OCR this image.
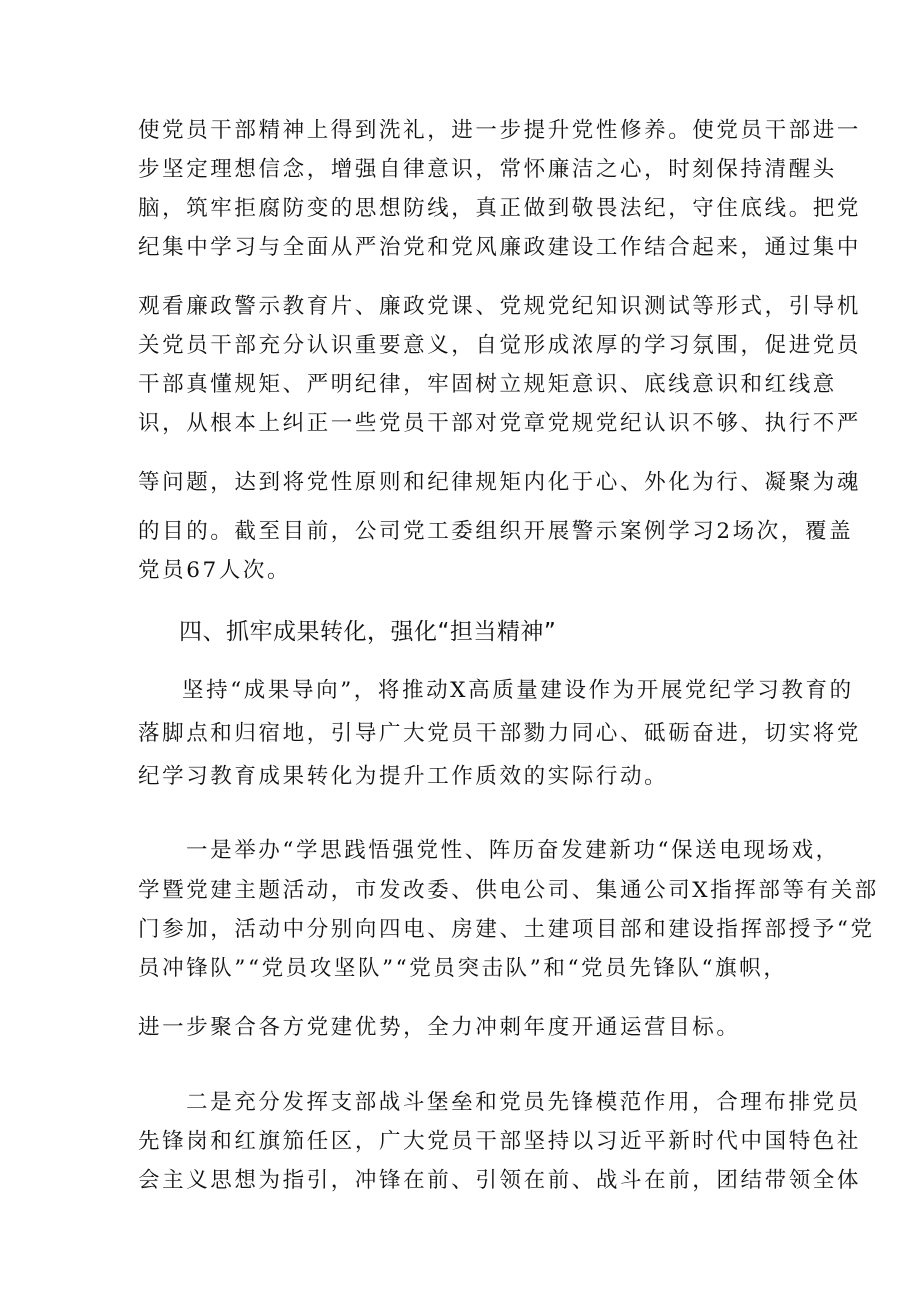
使党员干部精神上得到洗礼，进一步提升党性修养。使党员干部进一
步坚定理想信念，增强自律意识，常怀廉洁之心，时刻保持清醒头
脑，筑牢拒腐防变的思想防线，真正做到敬畏法纪，守住底线。把党
纪集中学习与全面从严治党和党风廉政建设工作结合起来，通过集中
观看廉政警示教育片、廉政党课、党规党纪知识测试等形式，引导机
关党员干部充分认识重要意义，自觉形成浓厚的学习氛围，促进党员
干部真懂规矩、严明纪律，牢固树立规矩意识、底线意识和红线意
识，从根本上纠正一些党员干部对党章党规党纪认识不够、执行不严
等问题，达到将党性原则和纪律规矩内化于心、外化为行、凝聚为魂
的目的。截至目前，公司党工委组织开展警示案例学习2场次，覆盖
党员67人次。
四、抓牢成果转化，强化“担当精神”
坚持“成果导向”，将推动X高质量建设作为开展党纪学习教育的
落脚点和归宿地，引导广大党员干部勠力同心、砥砺奋进，切实将党
纪学习教育成果转化为提升工作质效的实际行动。
一是举办“学思践悟强党性、阵历奋发建新功“保送电现场戏，
学暨党建主题活动，市发改委、供电公司、集通公司X指挥部等有关部
门参加，活动中分别向四电、房建、土建项目部和建设指挥部授予“党
员冲锋队”“党员攻坚队”“党员突击队”和“党员先锋队“旗帜，
进一步聚合各方党建优势，全力冲刺年度开通运营目标。
二是充分发挥支部战斗堡垒和党员先锋模范作用，合理布排党员
先锋岗和红旗笳任区，广大党员干部坚持以习近平新时代中国特色社
会主义思想为指引，冲锋在前、引领在前、战斗在前，团结带领全体
